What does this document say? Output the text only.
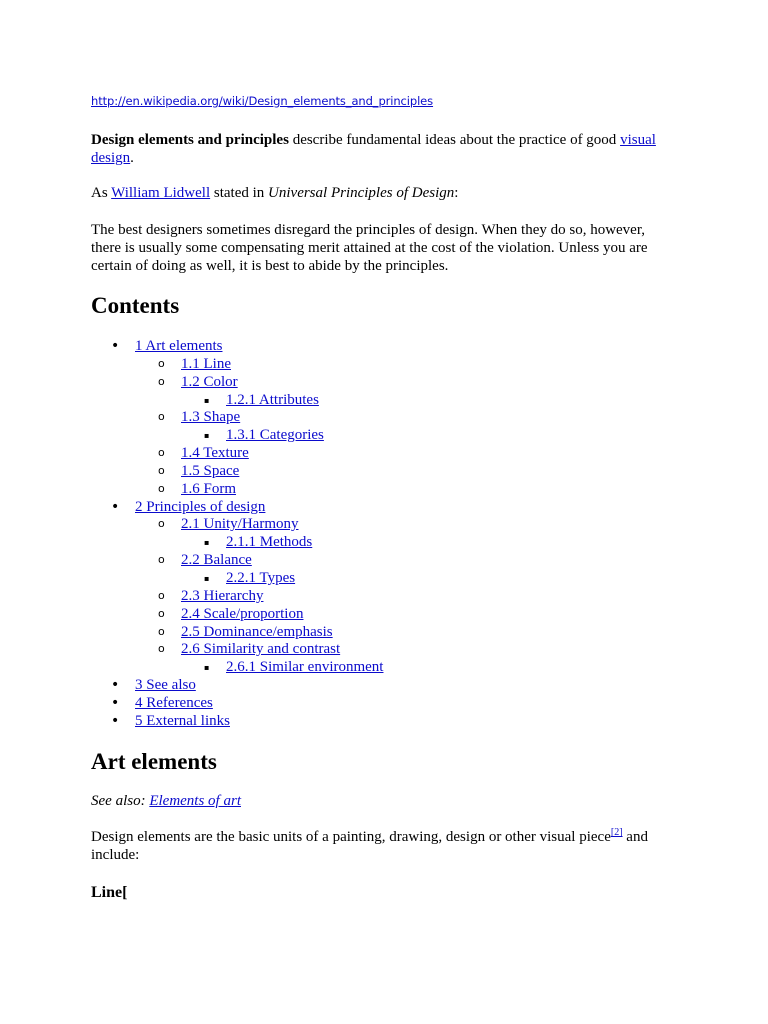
http://en.wikipedia.org/wiki/Design_elements_and_principles
Design elements and principles describe fundamental ideas about the practice of good visual design.
As William Lidwell stated in Universal Principles of Design:
The best designers sometimes disregard the principles of design. When they do so, however, there is usually some compensating merit attained at the cost of the violation. Unless you are certain of doing as well, it is best to abide by the principles.
Contents
• 1 Art elements
o 1.1 Line
o 1.2 Color
▪ 1.2.1 Attributes
o 1.3 Shape
▪ 1.3.1 Categories
o 1.4 Texture
o 1.5 Space
o 1.6 Form
• 2 Principles of design
o 2.1 Unity/Harmony
▪ 2.1.1 Methods
o 2.2 Balance
▪ 2.2.1 Types
o 2.3 Hierarchy
o 2.4 Scale/proportion
o 2.5 Dominance/emphasis
o 2.6 Similarity and contrast
▪ 2.6.1 Similar environment
• 3 See also
• 4 References
• 5 External links
Art elements
See also: Elements of art
Design elements are the basic units of a painting, drawing, design or other visual piece[2] and include:
Line[
